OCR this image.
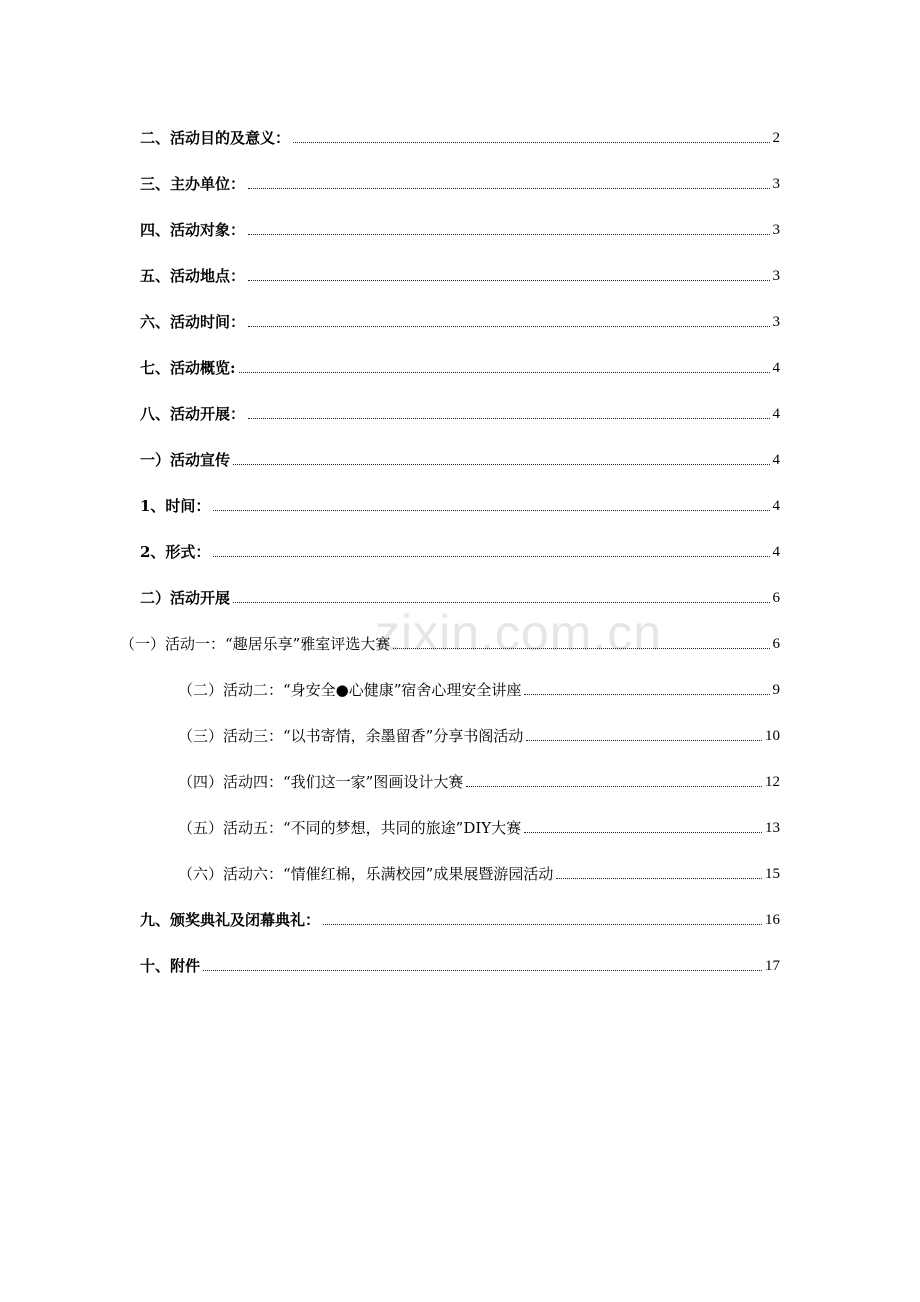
zixin.com.cn
二、活动目的及意义：	2
三、主办单位：	3
四、活动对象：	3
五、活动地点：	3
六、活动时间：	3
七、活动概览:	4
八、活动开展：	4
一）活动宣传	4
1、时间：	4
2、形式：	4
二）活动开展	6
（一）活动一：“趣居乐享”雅室评选大赛	6
（二）活动二：“身安全●心健康”宿舍心理安全讲座	9
（三）活动三：“以书寄情，余墨留香”分享书阁活动	10
（四）活动四：“我们这一家”图画设计大赛	12
（五）活动五：“不同的梦想，共同的旅途”DIY大赛	13
（六）活动六：“情催红棉，乐满校园”成果展暨游园活动	15
九、颁奖典礼及闭幕典礼：	16
十、附件	17
